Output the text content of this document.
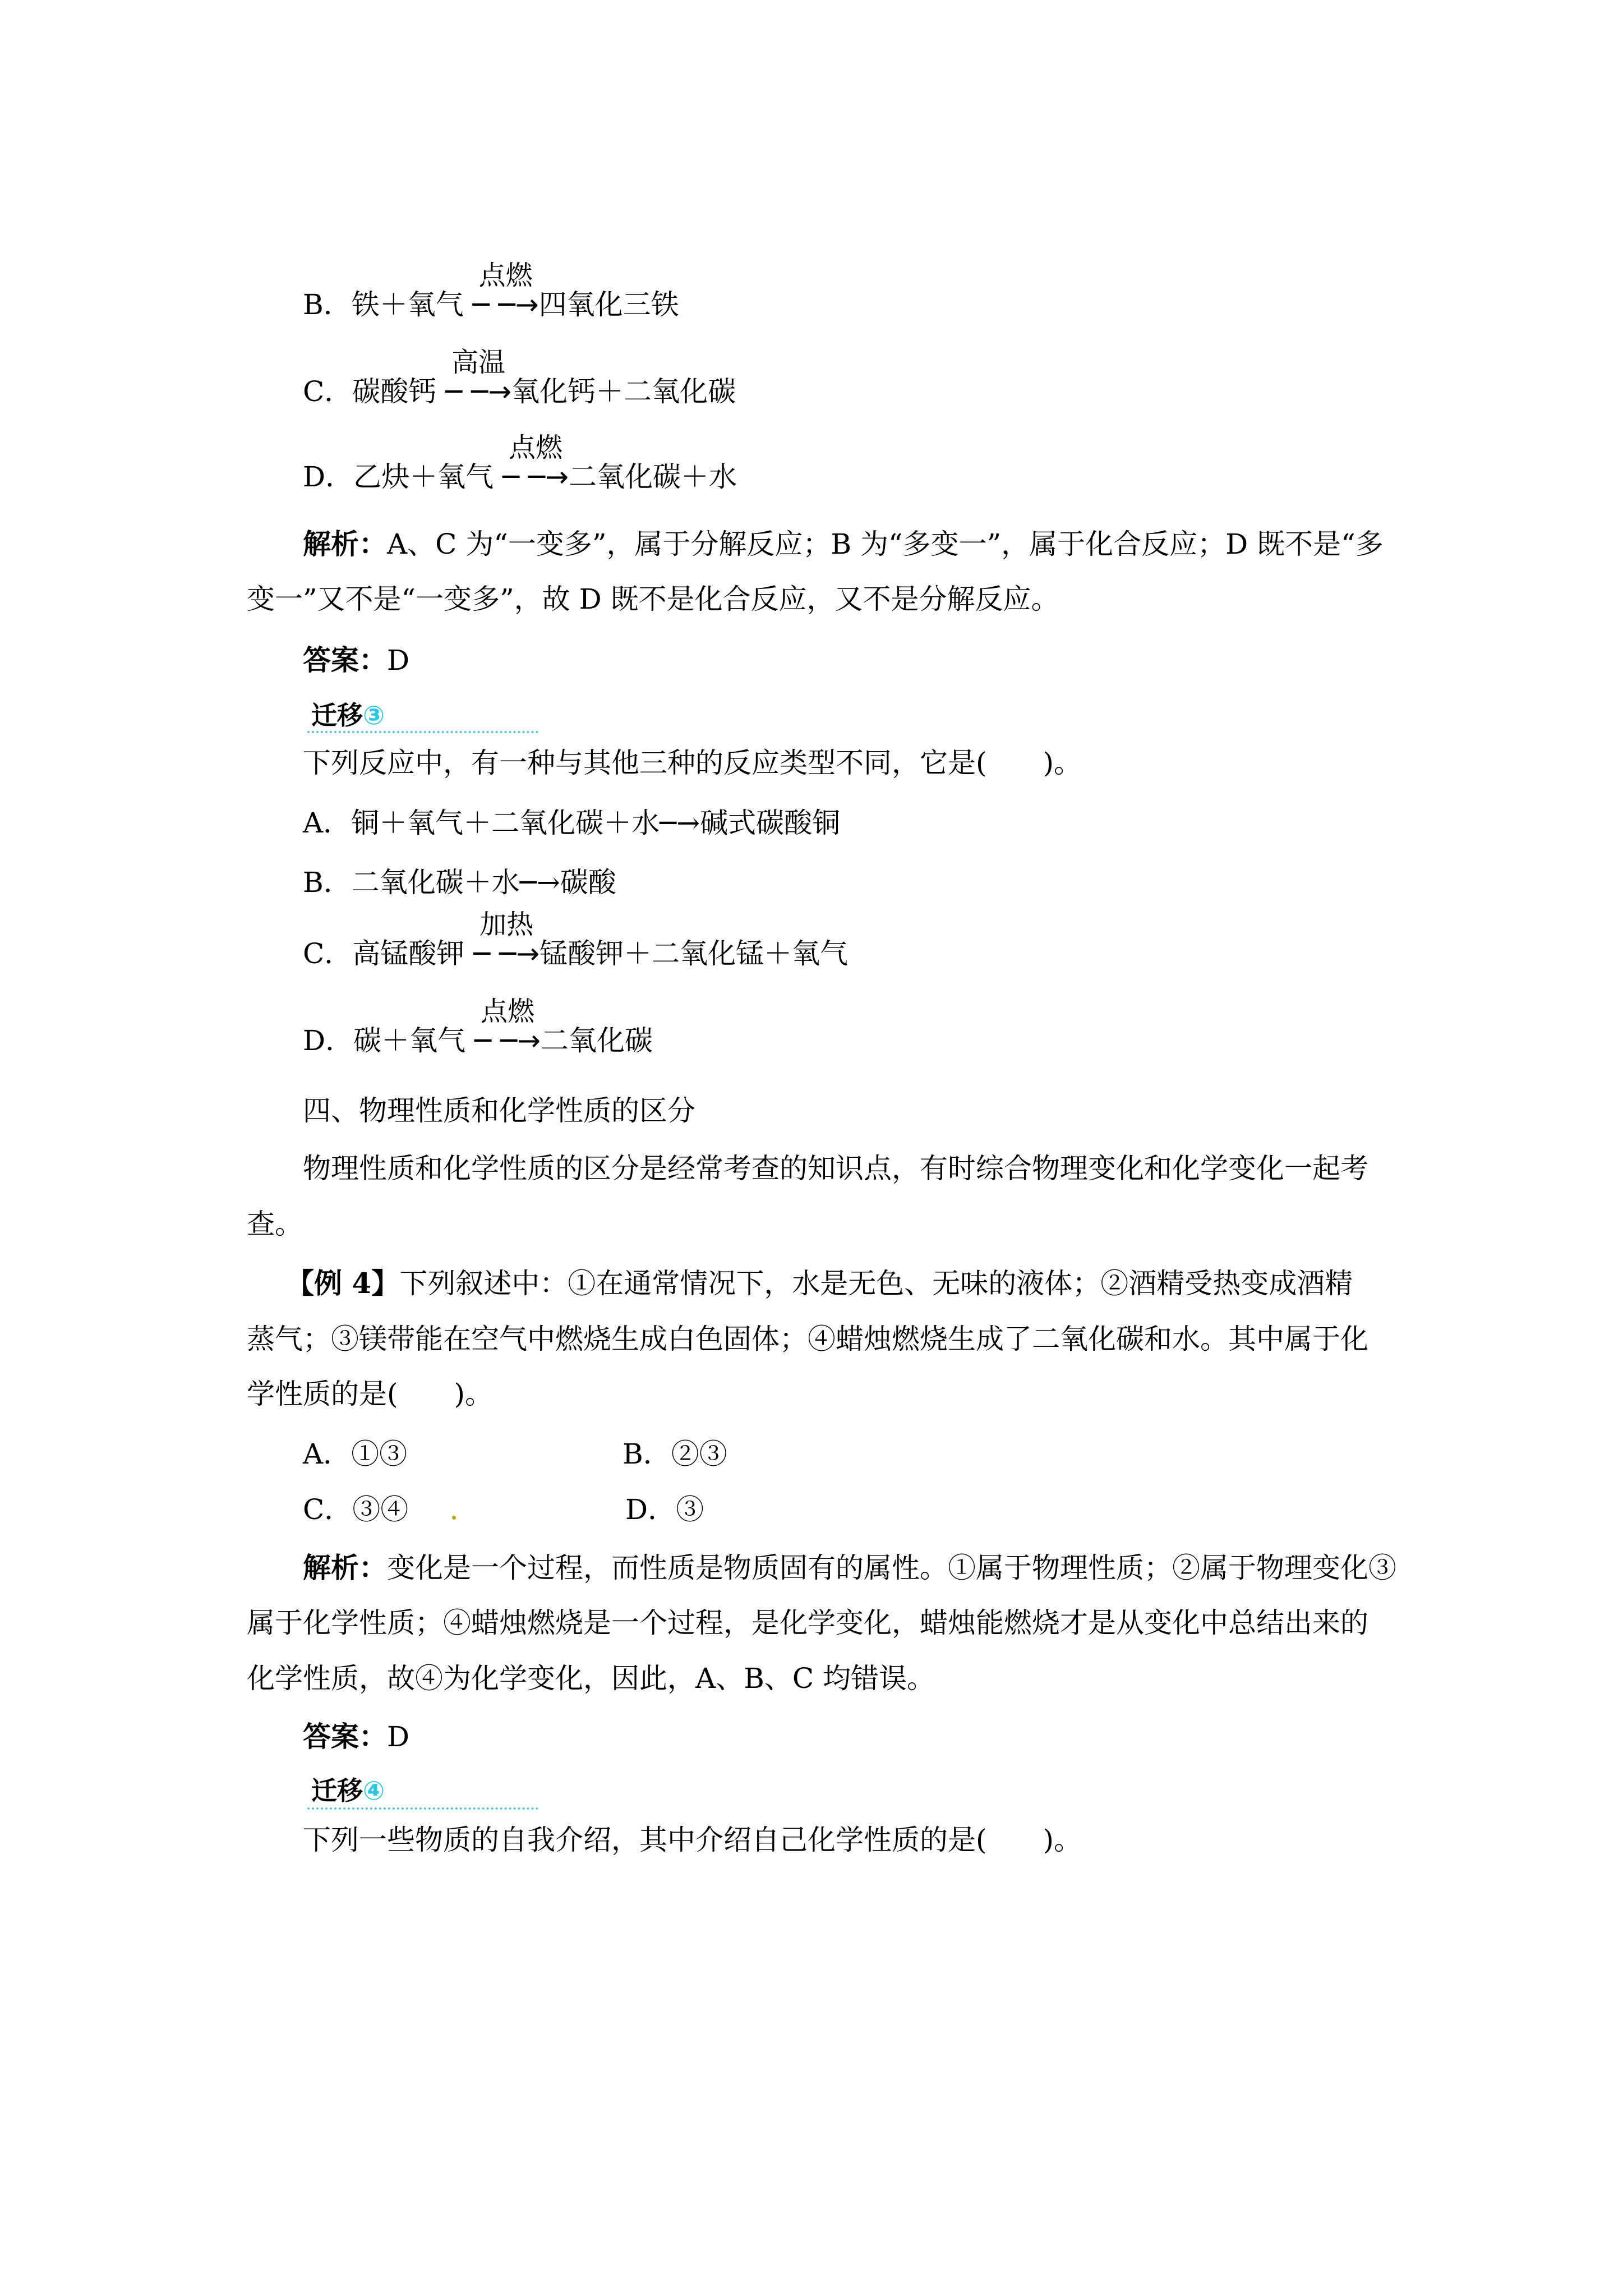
B．铁＋氧气
点燃
─ ─→四氧化三铁
C．碳酸钙
高温
─ ─→氧化钙＋二氧化碳
D．乙炔＋氧气
点燃
─ ─→二氧化碳＋水
解析：A、C 为“一变多”，属于分解反应；B 为“多变一”，属于化合反应；D 既不是“多
变一”又不是“一变多”，故 D 既不是化合反应，又不是分解反应。
答案：D
迁移③
下列反应中，有一种与其他三种的反应类型不同，它是(　　)。
A．铜＋氧气＋二氧化碳＋水─→碱式碳酸铜
B．二氧化碳＋水─→碳酸
C．高锰酸钾
加热
─ ─→锰酸钾＋二氧化锰＋氧气
D．碳＋氧气
点燃
─ ─→二氧化碳
四、物理性质和化学性质的区分
物理性质和化学性质的区分是经常考查的知识点，有时综合物理变化和化学变化一起考
查。
【例 4】下列叙述中：①在通常情况下，水是无色、无味的液体；②酒精受热变成酒精
蒸气；③镁带能在空气中燃烧生成白色固体；④蜡烛燃烧生成了二氧化碳和水。其中属于化
学性质的是(　　)。
A．①③	B．②③
C．③④	D．③
解析：变化是一个过程，而性质是物质固有的属性。①属于物理性质；②属于物理变化③
属于化学性质；④蜡烛燃烧是一个过程，是化学变化，蜡烛能燃烧才是从变化中总结出来的
化学性质，故④为化学变化，因此，A、B、C 均错误。
答案：D
迁移④
下列一些物质的自我介绍，其中介绍自己化学性质的是(　　)。
